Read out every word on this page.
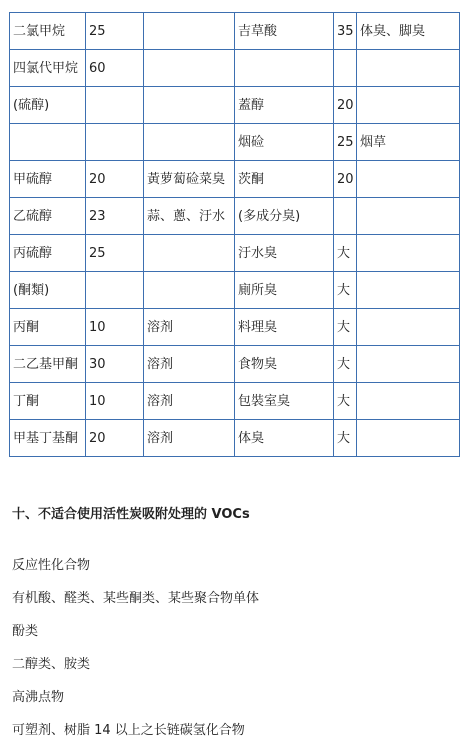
二氯甲烷	25		吉草酸	35	体臭、脚臭
四氯代甲烷	60				
(硫醇)			蓋醇	20	
			烟硷	25	烟草
甲硫醇	20	黃萝蔔硷菜臭	茨酮	20	
乙硫醇	23	蒜、蔥、汙水	(多成分臭)		
丙硫醇	25		汙水臭	大	
(酮類)			廁所臭	大	
丙酮	10	溶剂	料理臭	大	
二乙基甲酮	30	溶剂	食物臭	大	
丁酮	10	溶剂	包裝室臭	大	
甲基丁基酮	20	溶剂	体臭	大	
十、不适合使用活性炭吸附处理的 VOCs
反应性化合物
有机酸、醛类、某些酮类、某些聚合物单体
酚类
二醇类、胺类
高沸点物
可塑剂、树脂 14 以上之长链碳氢化合物
